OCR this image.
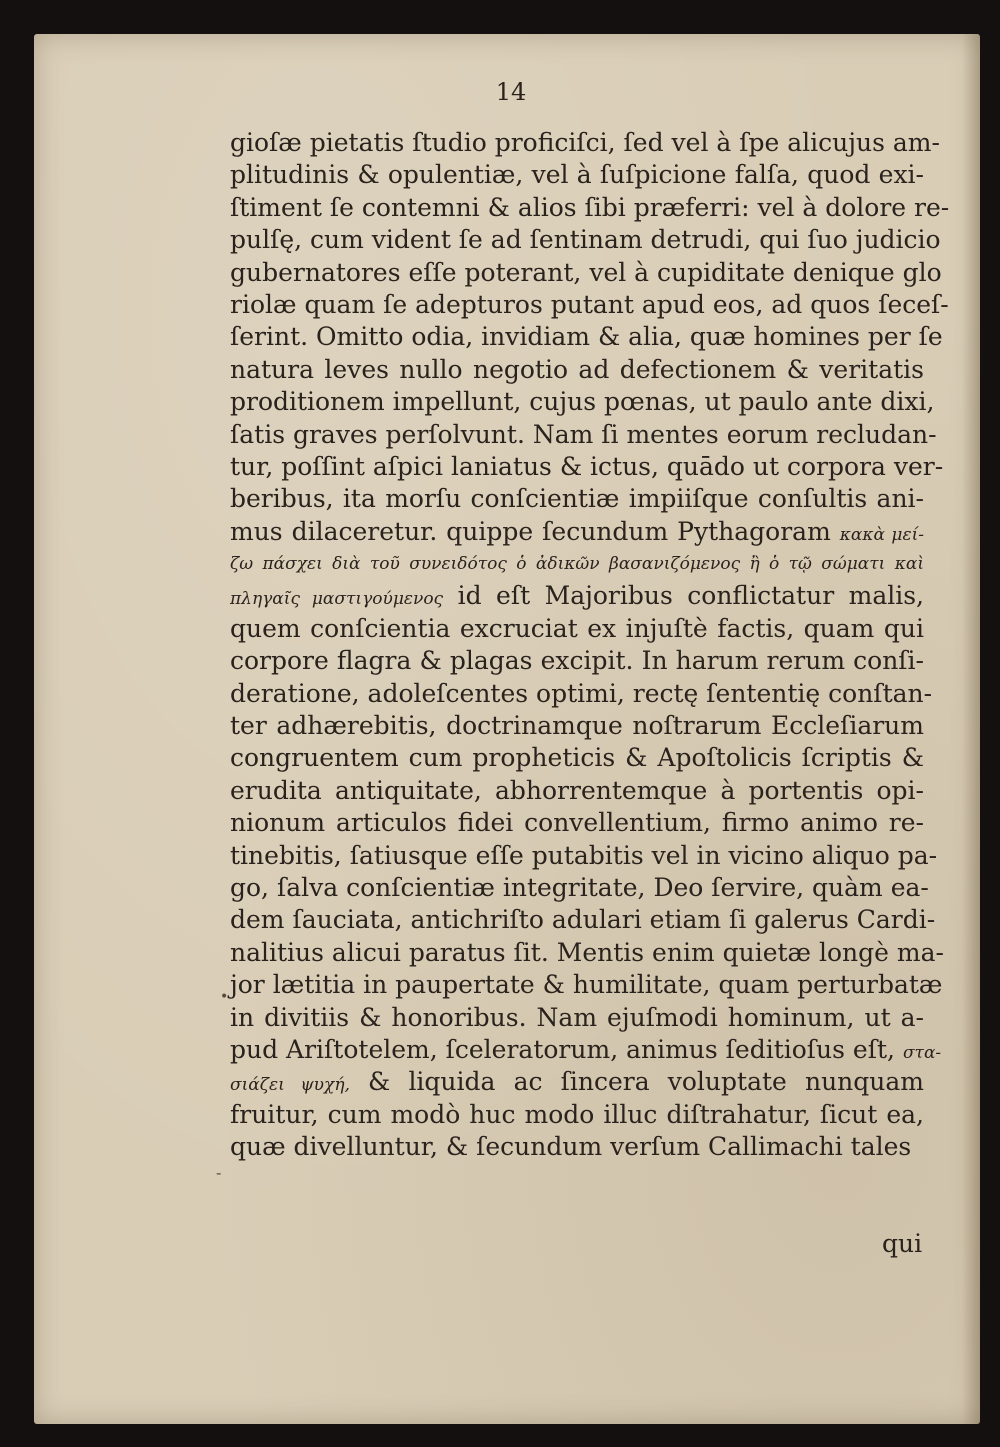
14
•
-
gioſæ pietatis ſtudio proficiſci, ſed vel à ſpe alicujus am-
plitudinis & opulentiæ, vel à ſuſpicione falſa, quod exi-
ſtiment ſe contemni & alios ſibi præferri: vel à dolore re-
pulſę, cum vident ſe ad ſentinam detrudi, qui ſuo judicio
gubernatores eſſe poterant, vel à cupiditate denique glo
riolæ quam ſe adepturos putant apud eos, ad quos ſeceſ-
ſerint. Omitto odia, invidiam & alia, quæ homines per ſe
natura leves nullo negotio ad defectionem & veritatis
proditionem impellunt, cujus pœnas, ut paulo ante dixi,
ſatis graves perſolvunt. Nam ſi mentes eorum recludan-
tur, poſſint aſpici laniatus & ictus, quādo ut corpora ver-
beribus, ita morſu conſcientiæ impiiſque conſultis ani-
mus dilaceretur. quippe ſecundum Pythagoram κακὰ μεί-
ζω πάσχει διὰ τοῦ συνειδότος ὁ ἀδικῶν βασανιζόμενος ἢ ὁ τῷ σώματι καὶ
πληγαῖς μαστιγούμενος id eſt Majoribus conflictatur malis,
quem conſcientia excruciat ex injuſtè factis, quam qui
corpore flagra & plagas excipit. In harum rerum conſi-
deratione, adoleſcentes optimi, rectę ſententię conſtan-
ter adhærebitis, doctrinamque noſtrarum Eccleſiarum
congruentem cum propheticis & Apoſtolicis ſcriptis &
erudita antiquitate, abhorrentemque à portentis opi-
nionum articulos fidei convellentium, firmo animo re-
tinebitis, ſatiusque eſſe putabitis vel in vicino aliquo pa-
go, ſalva conſcientiæ integritate, Deo ſervire, quàm ea-
dem ſauciata, antichriſto adulari etiam ſi galerus Cardi-
nalitius alicui paratus ſit. Mentis enim quietæ longè ma-
jor lætitia in paupertate & humilitate, quam perturbatæ
in divitiis & honoribus. Nam ejuſmodi hominum, ut a-
pud Ariſtotelem, ſceleratorum, animus ſeditioſus eſt, στα-
σιάζει ψυχή, & liquida ac ſincera voluptate nunquam
fruitur, cum modò huc modo illuc diſtrahatur, ſicut ea,
quæ divelluntur, & ſecundum verſum Callimachi tales
qui
